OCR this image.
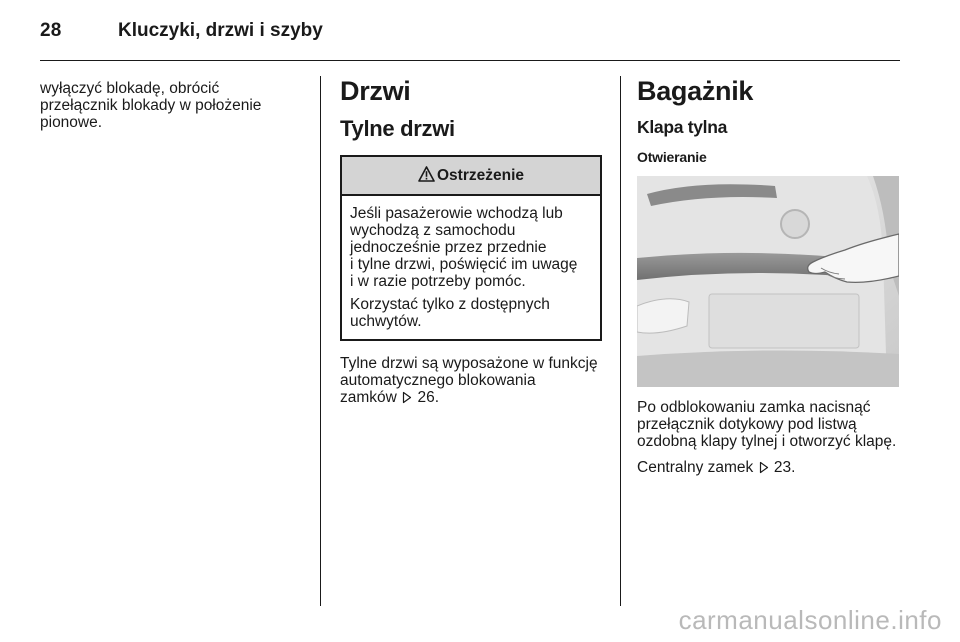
28	Kluczyki, drzwi i szyby

wyłączyć blokadę, obrócić
przełącznik blokady w położenie
pionowe.

Drzwi
Tylne drzwi
Ostrzeżenie

Jeśli pasażerowie wchodzą lub
wychodzą z samochodu
jednocześnie przez przednie
i tylne drzwi, poświęcić im uwagę
i w razie potrzeby pomóc.

Korzystać tylko z dostępnych
uchwytów.

Tylne drzwi są wyposażone w funkcję
automatycznego blokowania
zamków 26.

Bagażnik
Klapa tylna
Otwieranie

Po odblokowaniu zamka nacisnąć
przełącznik dotykowy pod listwą
ozdobną klapy tylnej i otworzyć klapę.

Centralny zamek 23.

carmanualsonline.info
